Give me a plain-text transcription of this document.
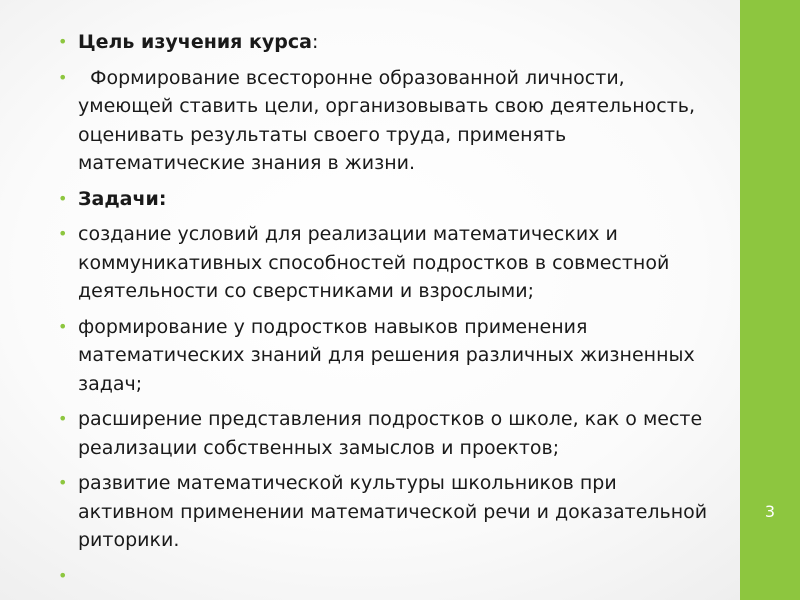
• Цель изучения курса:
• Формирование всесторонне образованной личности, умеющей ставить цели, организовывать свою деятельность, оценивать результаты своего труда, применять математические знания в жизни.
• Задачи:
• создание условий для реализации математических и коммуникативных способностей подростков в совместной деятельности со сверстниками и взрослыми;
• формирование у подростков навыков применения математических знаний для решения различных жизненных задач;
• расширение представления подростков о школе, как о месте реализации собственных замыслов и проектов;
• развитие математической культуры школьников при активном применении математической речи и доказательной риторики.
•
3
